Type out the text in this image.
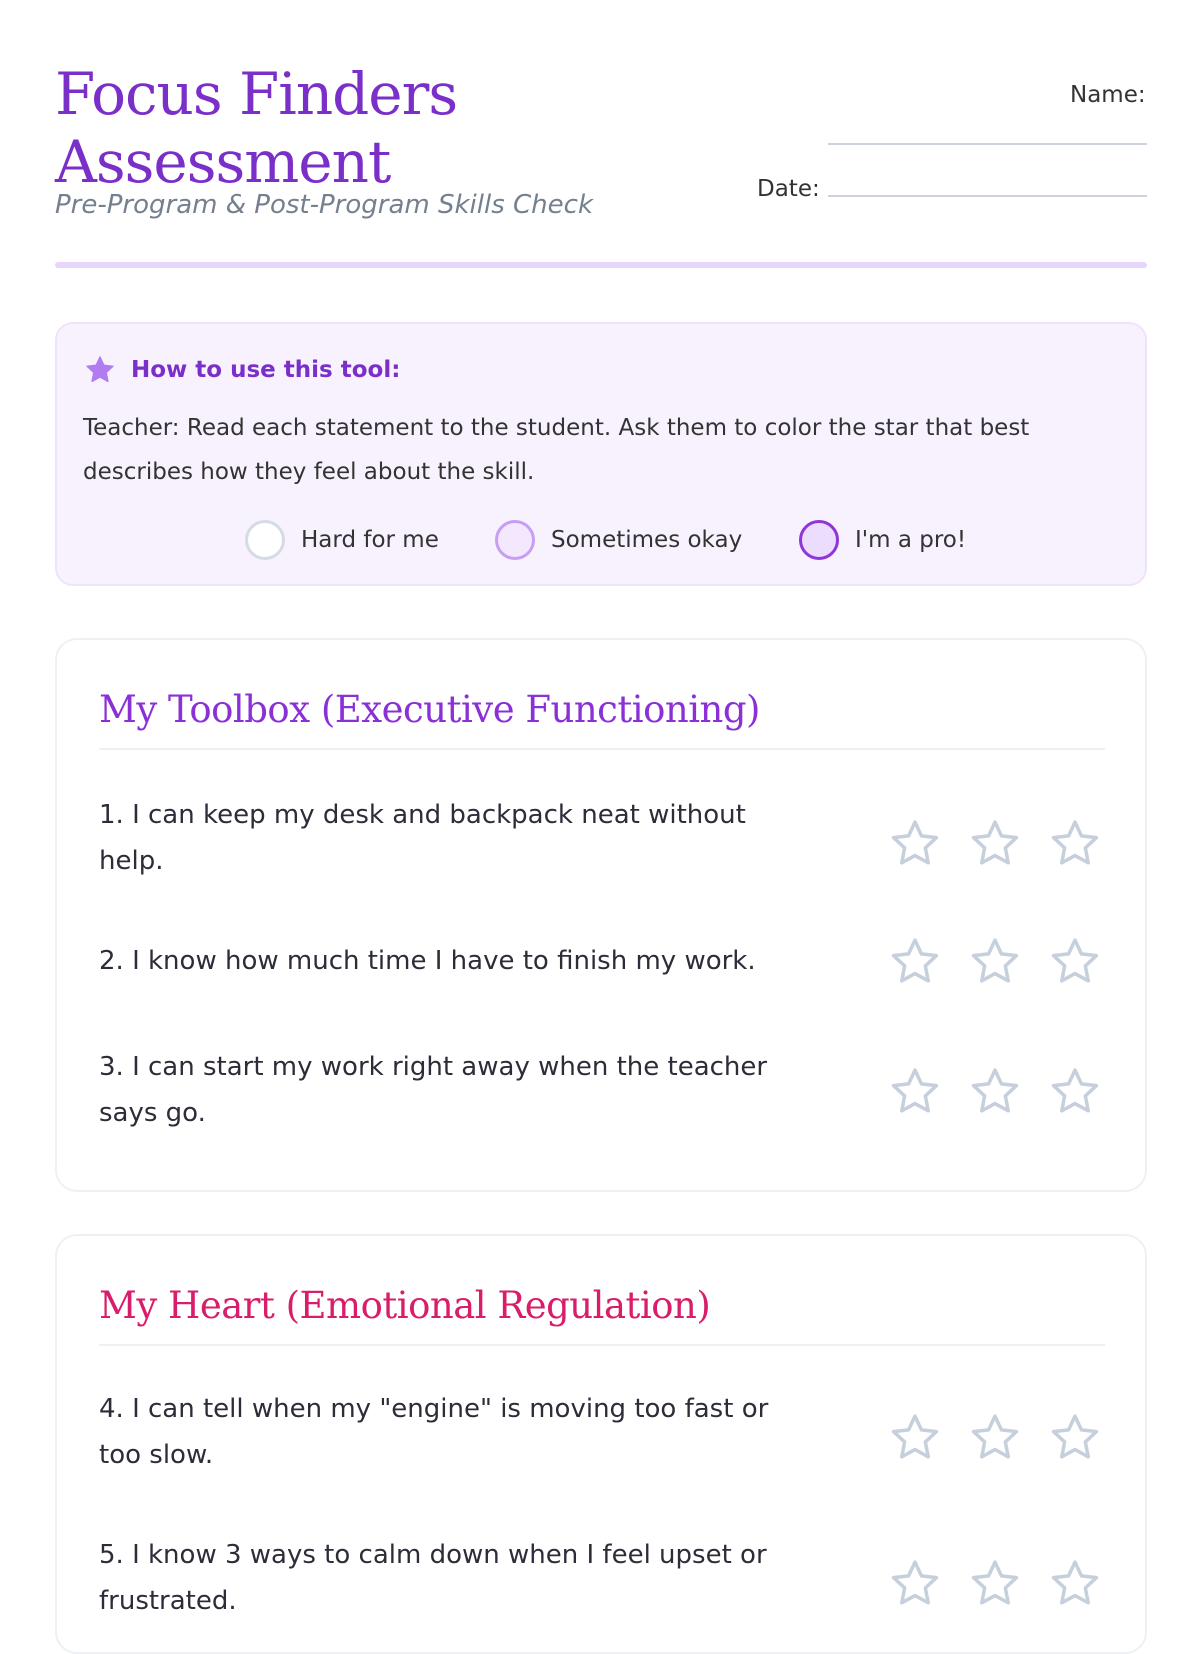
Focus Finders Assessment
Pre-Program & Post-Program Skills Check
Name:
Date:
How to use this tool:
Teacher: Read each statement to the student. Ask them to color the star that best describes how they feel about the skill.
Hard for me	Sometimes okay	I'm a pro!
My Toolbox (Executive Functioning)
1. I can keep my desk and backpack neat without help.
2. I know how much time I have to finish my work.
3. I can start my work right away when the teacher says go.
My Heart (Emotional Regulation)
4. I can tell when my "engine" is moving too fast or too slow.
5. I know 3 ways to calm down when I feel upset or frustrated.
